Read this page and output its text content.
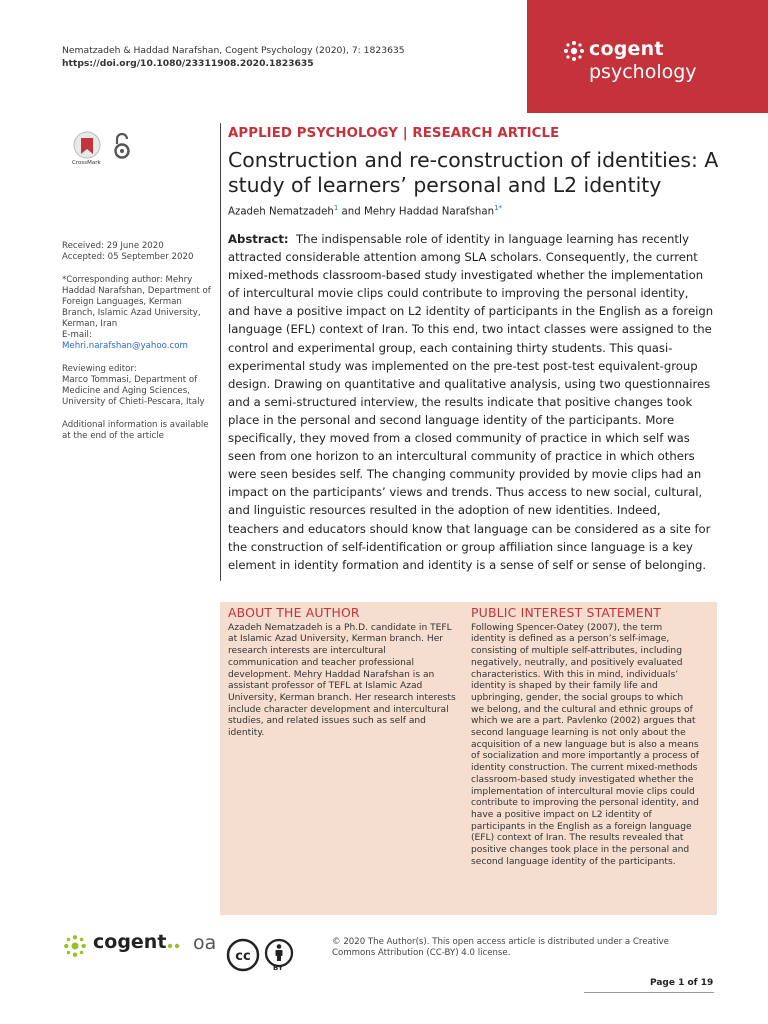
Nematzadeh & Haddad Narafshan, Cogent Psychology (2020), 7: 1823635
https://doi.org/10.1080/23311908.2020.1823635
cogent
psychology
CrossMark

Received: 29 June 2020
Accepted: 05 September 2020

*Corresponding author: Mehry Haddad Narafshan, Department of Foreign Languages, Kerman Branch, Islamic Azad University, Kerman, Iran
E-mail: Mehri.narafshan@yahoo.com

Reviewing editor:
Marco Tommasi, Department of Medicine and Aging Sciences, University of Chieti-Pescara, Italy

Additional information is available at the end of the article

APPLIED PSYCHOLOGY | RESEARCH ARTICLE
Construction and re-construction of identities: A study of learners’ personal and L2 identity
Azadeh Nematzadeh$^1$ and Mehry Haddad Narafshan$^{1*}$
Abstract: The indispensable role of identity in language learning has recently attracted considerable attention among SLA scholars. Consequently, the current mixed-methods classroom-based study investigated whether the implementation of intercultural movie clips could contribute to improving the personal identity, and have a positive impact on L2 identity of participants in the English as a foreign language (EFL) context of Iran. To this end, two intact classes were assigned to the control and experimental group, each containing thirty students. This quasi-experimental study was implemented on the pre-test post-test equivalent-group design. Drawing on quantitative and qualitative analysis, using two questionnaires and a semi-structured interview, the results indicate that positive changes took place in the personal and second language identity of the participants. More specifically, they moved from a closed community of practice in which self was seen from one horizon to an intercultural community of practice in which others were seen besides self. The changing community provided by movie clips had an impact on the participants’ views and trends. Thus access to new social, cultural, and linguistic resources resulted in the adoption of new identities. Indeed, teachers and educators should know that language can be considered as a site for the construction of self-identification or group affiliation since language is a key element in identity formation and identity is a sense of self or sense of belonging.
ABOUT THE AUTHOR

Azadeh Nematzadeh is a Ph.D. candidate in TEFL at Islamic Azad University, Kerman branch. Her research interests are intercultural communication and teacher professional development. Mehry Haddad Narafshan is an assistant professor of TEFL at Islamic Azad University, Kerman branch. Her research interests include character development and intercultural studies, and related issues such as self and identity.

PUBLIC INTEREST STATEMENT

Following Spencer-Oatey (2007), the term identity is defined as a person’s self-image, consisting of multiple self-attributes, including negatively, neutrally, and positively evaluated characteristics. With this in mind, individuals’ identity is shaped by their family life and upbringing, gender, the social groups to which we belong, and the cultural and ethnic groups of which we are a part. Pavlenko (2002) argues that second language learning is not only about the acquisition of a new language but is also a means of socialization and more importantly a process of identity construction. The current mixed-methods classroom-based study investigated whether the implementation of intercultural movie clips could contribute to improving the personal identity, and have a positive impact on L2 identity of participants in the English as a foreign language (EFL) context of Iran. The results revealed that positive changes took place in the personal and second language identity of the participants.

cogent oa
cc
BY
© 2020 The Author(s). This open access article is distributed under a Creative Commons Attribution (CC-BY) 4.0 license.
Page 1 of 19
